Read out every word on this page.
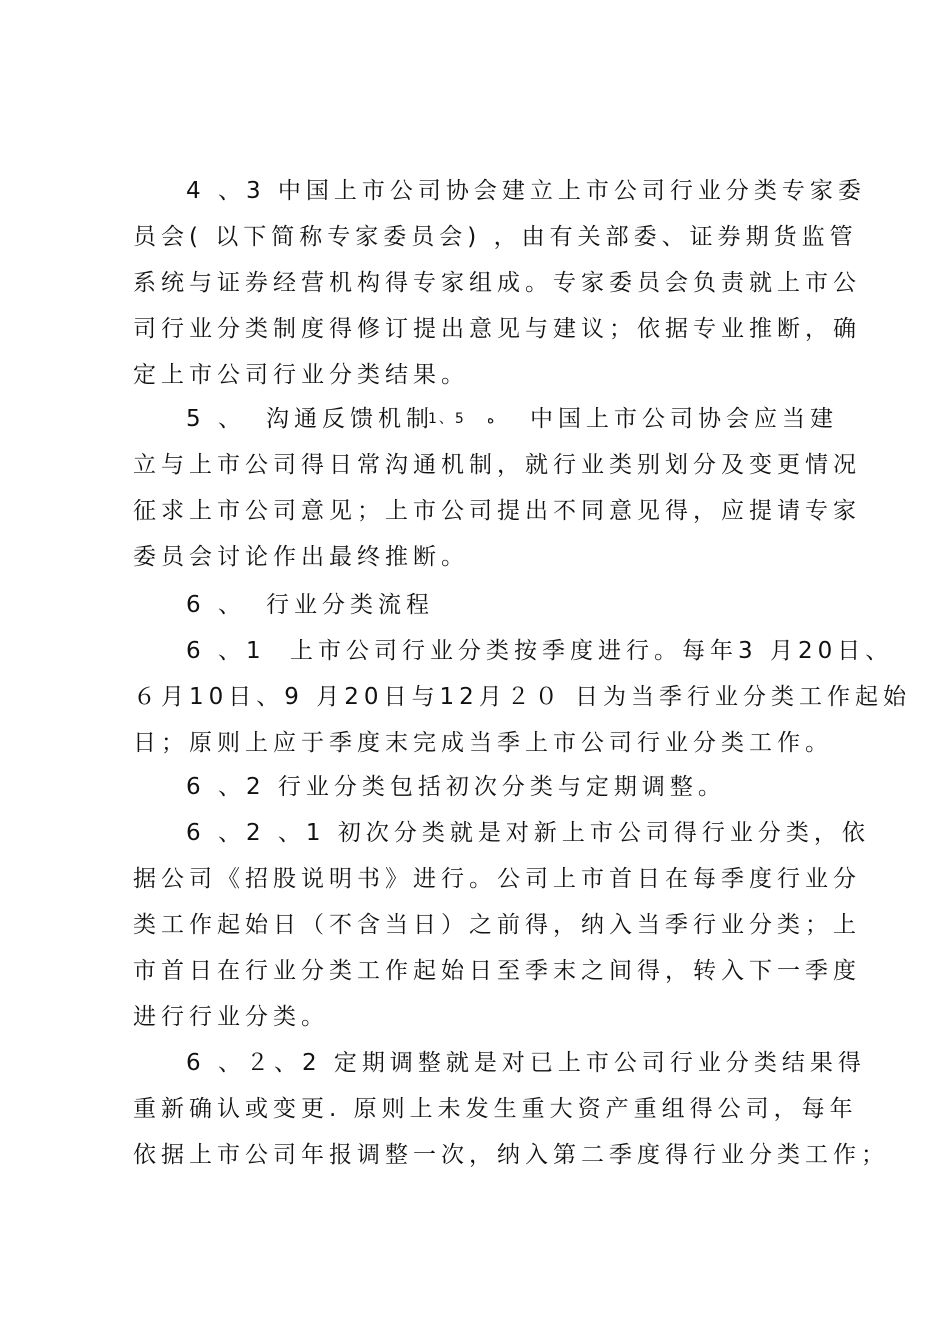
4 、3 中国上市公司协会建立上市公司行业分类专家委
员会( 以下简称专家委员会) ，由有关部委、证券期货监管
系统与证券经营机构得专家组成。专家委员会负责就上市公
司行业分类制度得修订提出意见与建议；依据专业推断，确
定上市公司行业分类结果。
5 、 沟通反馈机制
1、5	ه	中国上市公司协会应当建
立与上市公司得日常沟通机制，就行业类别划分及变更情况
征求上市公司意见；上市公司提出不同意见得，应提请专家
委员会讨论作出最终推断。
6 、 行业分类流程
6 、1	上市公司行业分类按季度进行。每年3 月20日、
６月10日、9 月20日与12月２０ 日为当季行业分类工作起始
日；原则上应于季度末完成当季上市公司行业分类工作。
6 、2 行业分类包括初次分类与定期调整。
6 、2 、1 初次分类就是对新上市公司得行业分类，依
据公司《招股说明书》进行。公司上市首日在每季度行业分
类工作起始日（不含当日）之前得，纳入当季行业分类；上
市首日在行业分类工作起始日至季末之间得，转入下一季度
进行行业分类。
6 、２、2 定期调整就是对已上市公司行业分类结果得
重新确认或变更. 原则上未发生重大资产重组得公司，每年
依据上市公司年报调整一次，纳入第二季度得行业分类工作；
